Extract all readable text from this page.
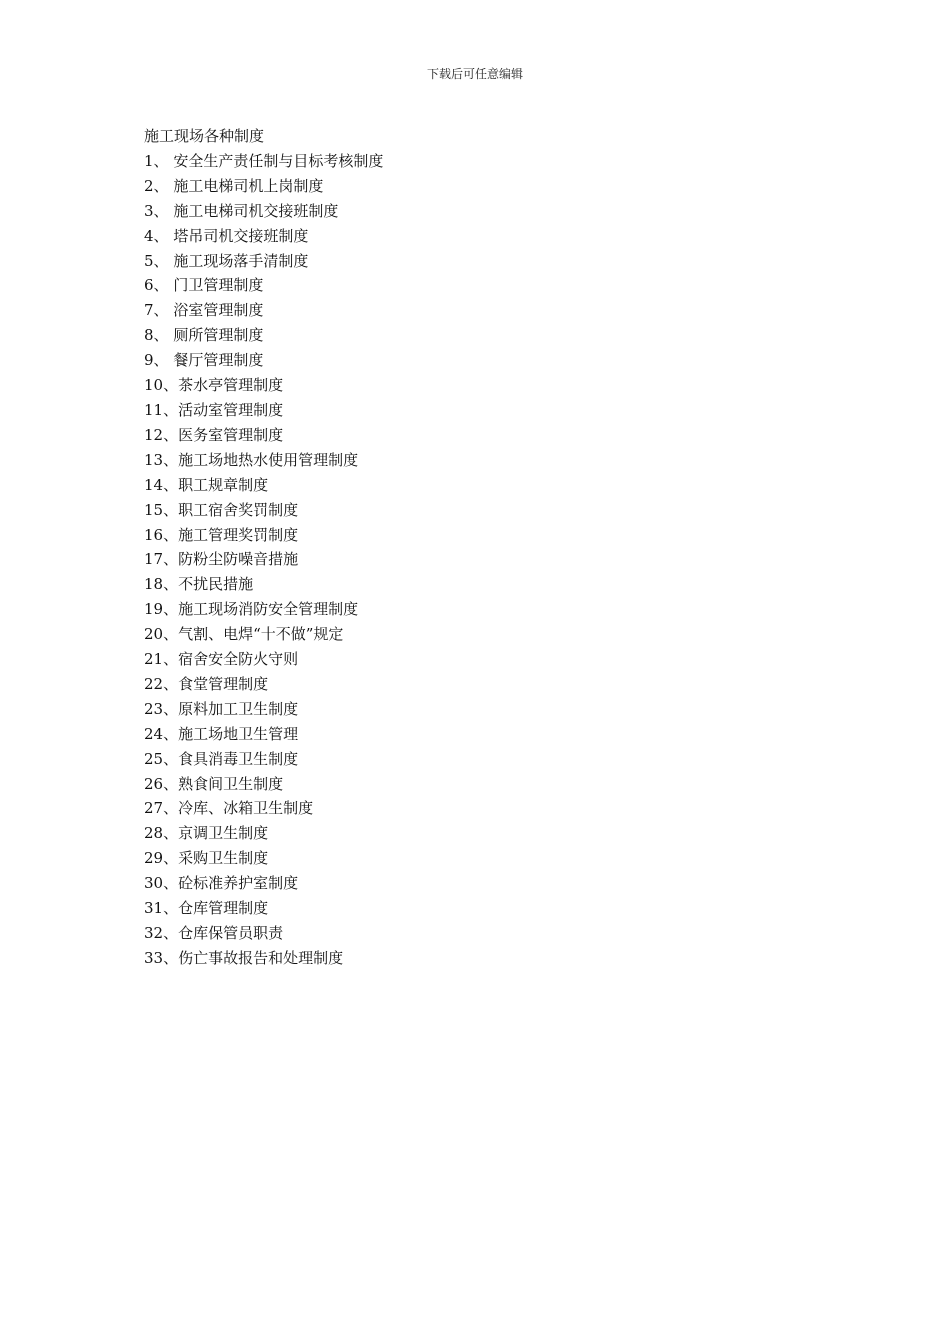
下载后可任意编辑
施工现场各种制度
1、 安全生产责任制与目标考核制度
2、 施工电梯司机上岗制度
3、 施工电梯司机交接班制度
4、 塔吊司机交接班制度
5、 施工现场落手清制度
6、 门卫管理制度
7、 浴室管理制度
8、 厕所管理制度
9、 餐厅管理制度
10、 茶水亭管理制度
11、 活动室管理制度
12、 医务室管理制度
13、 施工场地热水使用管理制度
14、 职工规章制度
15、 职工宿舍奖罚制度
16、 施工管理奖罚制度
17、 防粉尘防噪音措施
18、 不扰民措施
19、 施工现场消防安全管理制度
20、 气割、电焊“十不做”规定
21、 宿舍安全防火守则
22、 食堂管理制度
23、 原料加工卫生制度
24、 施工场地卫生管理
25、 食具消毒卫生制度
26、 熟食间卫生制度
27、 冷库、冰箱卫生制度
28、 京调卫生制度
29、 采购卫生制度
30、 砼标准养护室制度
31、 仓库管理制度
32、 仓库保管员职责
33、 伤亡事故报告和处理制度
